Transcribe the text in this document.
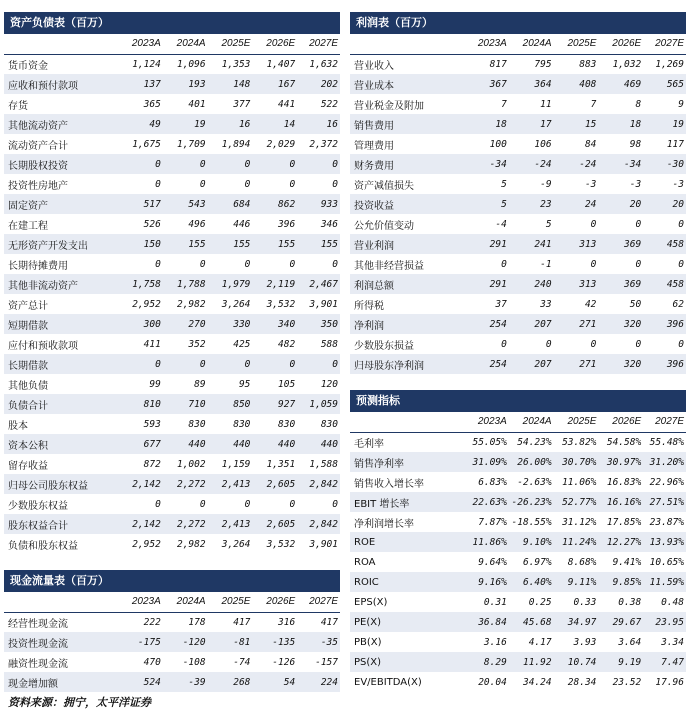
资产负债表（百万）
	2023A	2024A	2025E	2026E	2027E
货币资金	1,124	1,096	1,353	1,407	1,632
应收和预付款项	137	193	148	167	202
存货	365	401	377	441	522
其他流动资产	49	19	16	14	16
流动资产合计	1,675	1,709	1,894	2,029	2,372
长期股权投资	0	0	0	0	0
投资性房地产	0	0	0	0	0
固定资产	517	543	684	862	933
在建工程	526	496	446	396	346
无形资产开发支出	150	155	155	155	155
长期待摊费用	0	0	0	0	0
其他非流动资产	1,758	1,788	1,979	2,119	2,467
资产总计	2,952	2,982	3,264	3,532	3,901
短期借款	300	270	330	340	350
应付和预收款项	411	352	425	482	588
长期借款	0	0	0	0	0
其他负债	99	89	95	105	120
负债合计	810	710	850	927	1,059
股本	593	830	830	830	830
资本公积	677	440	440	440	440
留存收益	872	1,002	1,159	1,351	1,588
归母公司股东权益	2,142	2,272	2,413	2,605	2,842
少数股东权益	0	0	0	0	0
股东权益合计	2,142	2,272	2,413	2,605	2,842
负债和股东权益	2,952	2,982	3,264	3,532	3,901
现金流量表（百万）
	2023A	2024A	2025E	2026E	2027E
经营性现金流	222	178	417	316	417
投资性现金流	-175	-120	-81	-135	-35
融资性现金流	470	-108	-74	-126	-157
现金增加额	524	-39	268	54	224
利润表（百万）
	2023A	2024A	2025E	2026E	2027E
营业收入	817	795	883	1,032	1,269
营业成本	367	364	408	469	565
营业税金及附加	7	11	7	8	9
销售费用	18	17	15	18	19
管理费用	100	106	84	98	117
财务费用	-34	-24	-24	-34	-30
资产减值损失	5	-9	-3	-3	-3
投资收益	5	23	24	20	20
公允价值变动	-4	5	0	0	0
营业利润	291	241	313	369	458
其他非经营损益	0	-1	0	0	0
利润总额	291	240	313	369	458
所得税	37	33	42	50	62
净利润	254	207	271	320	396
少数股东损益	0	0	0	0	0
归母股东净利润	254	207	271	320	396
预测指标
	2023A	2024A	2025E	2026E	2027E
毛利率	55.05%	54.23%	53.82%	54.58%	55.48%
销售净利率	31.09%	26.00%	30.70%	30.97%	31.20%
销售收入增长率	6.83%	-2.63%	11.06%	16.83%	22.96%
EBIT 增长率	22.63%	-26.23%	52.77%	16.16%	27.51%
净利润增长率	7.87%	-18.55%	31.12%	17.85%	23.87%
ROE	11.86%	9.10%	11.24%	12.27%	13.93%
ROA	9.64%	6.97%	8.68%	9.41%	10.65%
ROIC	9.16%	6.40%	9.11%	9.85%	11.59%
EPS(X)	0.31	0.25	0.33	0.38	0.48
PE(X)	36.84	45.68	34.97	29.67	23.95
PB(X)	3.16	4.17	3.93	3.64	3.34
PS(X)	8.29	11.92	10.74	9.19	7.47
EV/EBITDA(X)	20.04	34.24	28.34	23.52	17.96
资料来源：拥宁，太平洋证券
